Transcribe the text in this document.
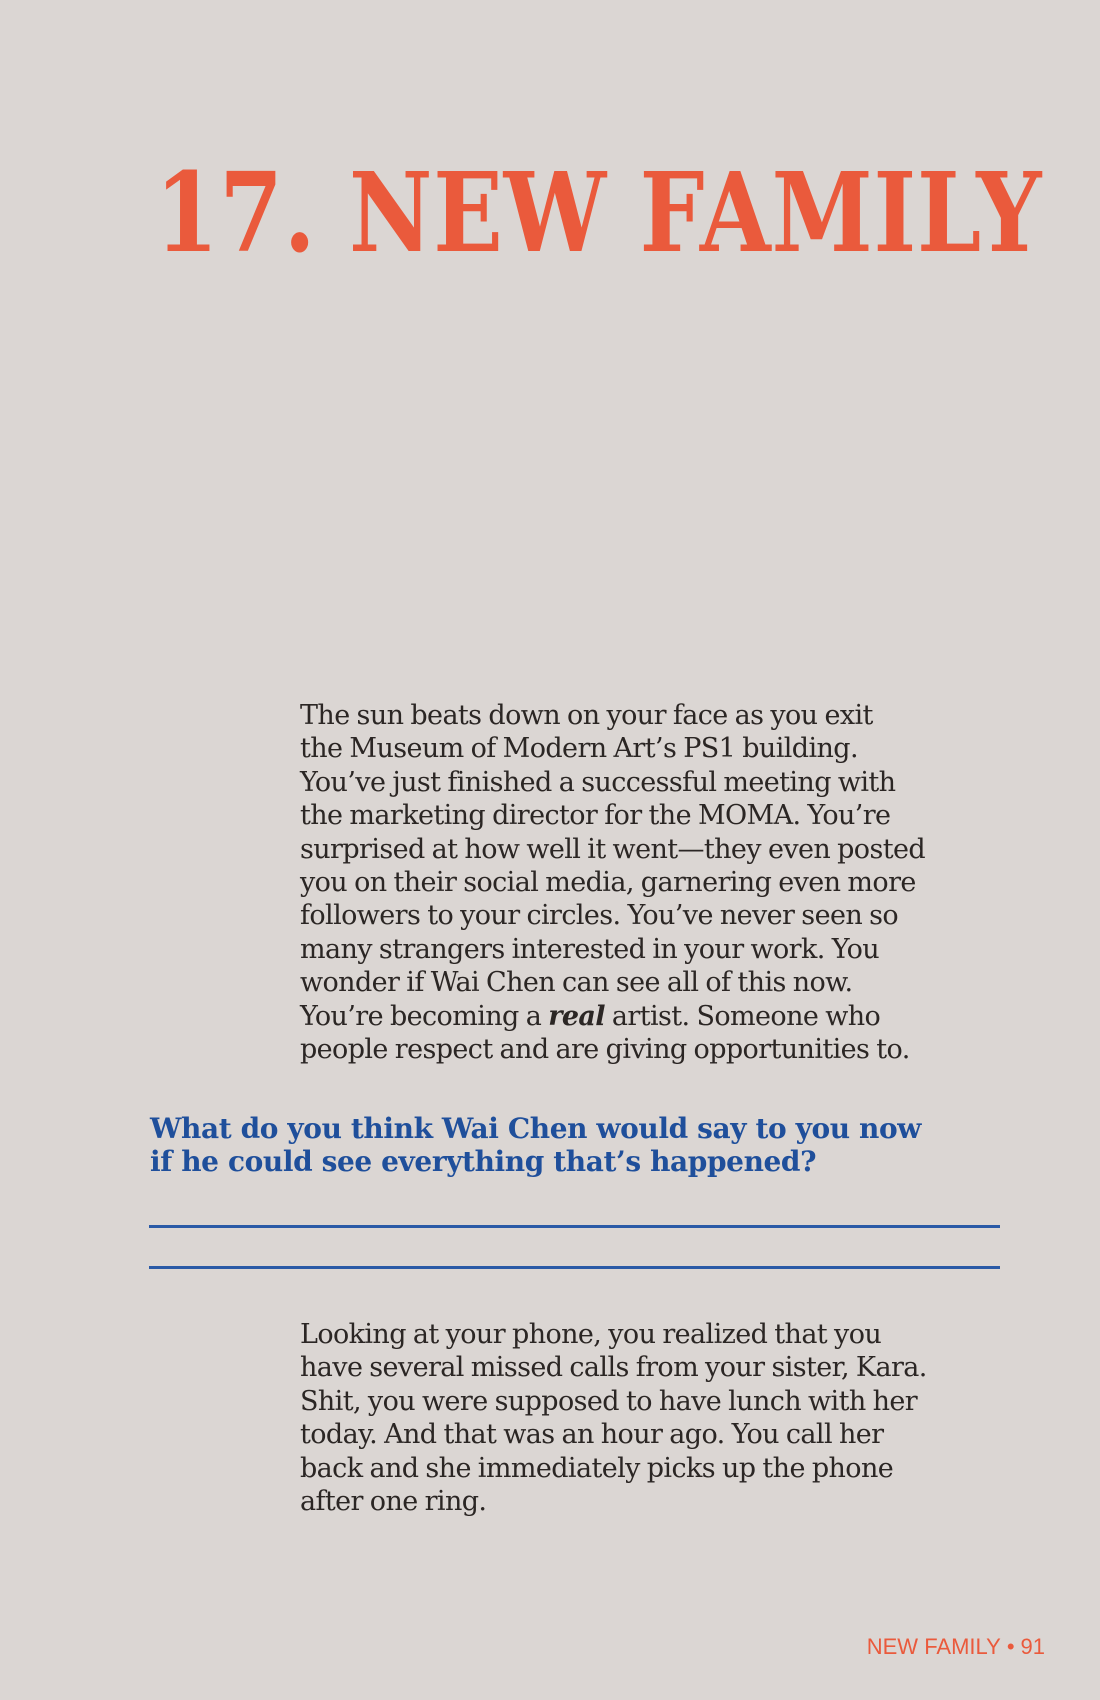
17. NEW FAMILY

The sun beats down on your face as you exit
the Museum of Modern Art’s PS1 building.
You’ve just finished a successful meeting with
the marketing director for the MOMA. You’re
surprised at how well it went—they even posted
you on their social media, garnering even more
followers to your circles. You’ve never seen so
many strangers interested in your work. You
wonder if Wai Chen can see all of this now.
You’re becoming a real artist. Someone who
people respect and are giving opportunities to.

What do you think Wai Chen would say to you now
if he could see everything that’s happened?

Looking at your phone, you realized that you
have several missed calls from your sister, Kara.
Shit, you were supposed to have lunch with her
today. And that was an hour ago. You call her
back and she immediately picks up the phone
after one ring.

NEW FAMILY • 91
